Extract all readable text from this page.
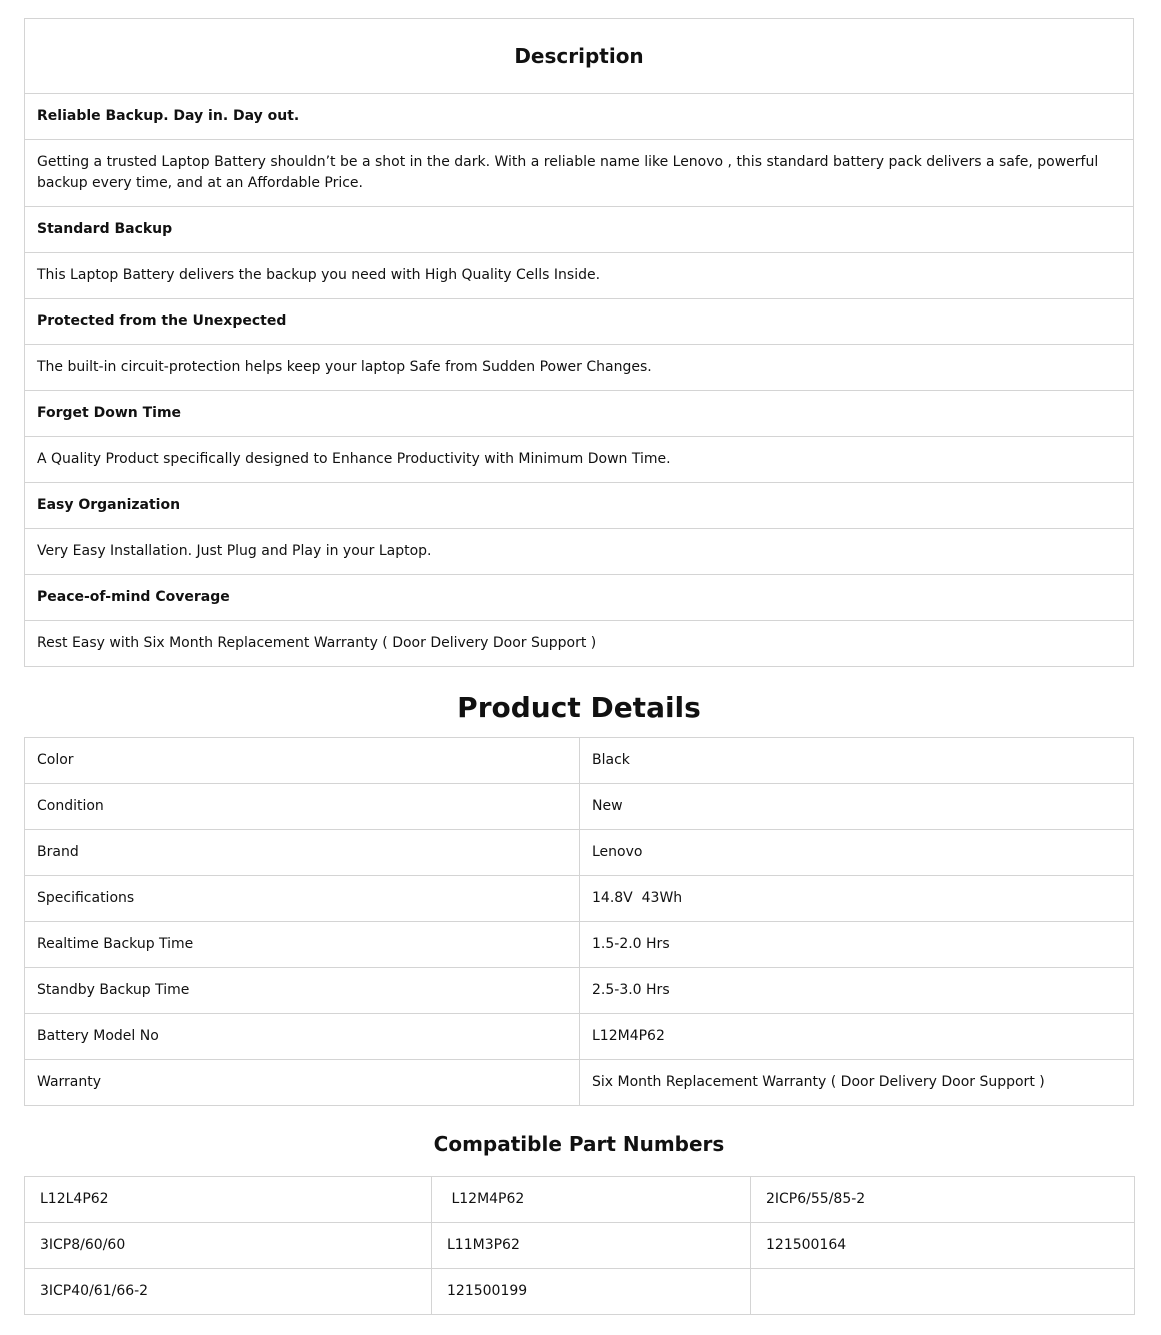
Description
Reliable Backup. Day in. Day out.
Getting a trusted Laptop Battery shouldn’t be a shot in the dark. With a reliable name like Lenovo , this standard battery pack delivers a safe, powerful backup every time, and at an Affordable Price.
Standard Backup
This Laptop Battery delivers the backup you need with High Quality Cells Inside.
Protected from the Unexpected
The built-in circuit-protection helps keep your laptop Safe from Sudden Power Changes.
Forget Down Time
A Quality Product specifically designed to Enhance Productivity with Minimum Down Time.
Easy Organization
Very Easy Installation. Just Plug and Play in your Laptop.
Peace-of-mind Coverage
Rest Easy with Six Month Replacement Warranty ( Door Delivery Door Support )
Product Details
Color	Black
Condition	New
Brand	Lenovo
Specifications	14.8V  43Wh
Realtime Backup Time	1.5-2.0 Hrs
Standby Backup Time	2.5-3.0 Hrs
Battery Model No	L12M4P62
Warranty	Six Month Replacement Warranty ( Door Delivery Door Support )
Compatible Part Numbers
L12L4P62	L12M4P62	2ICP6/55/85-2
3ICP8/60/60	L11M3P62	121500164
3ICP40/61/66-2	121500199	
